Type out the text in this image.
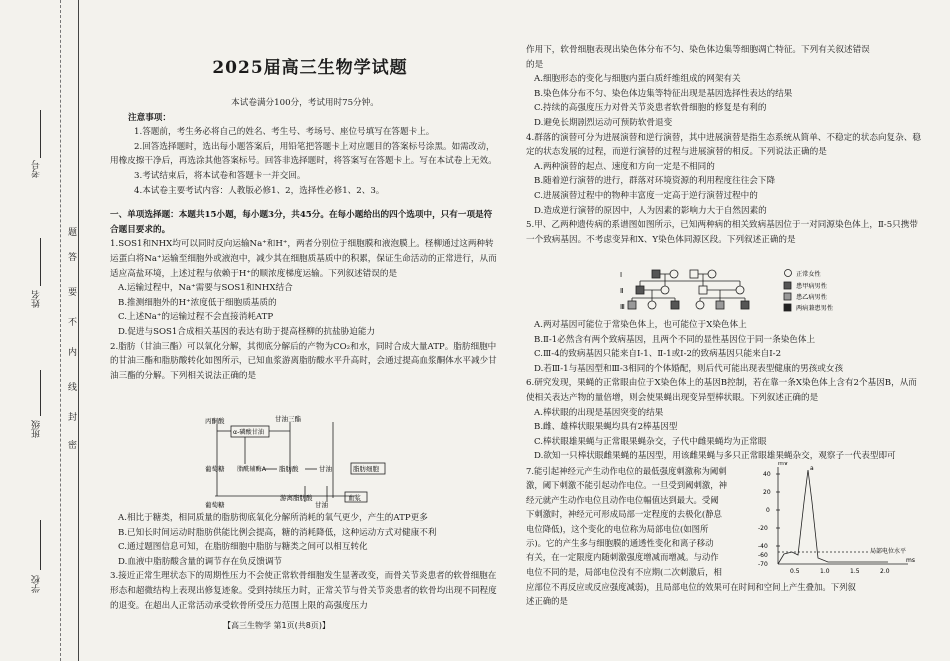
考号
姓名
班级
学校
题
答
要
不
内
线
封
密
2025届高三生物学试题

本试卷满分100分，考试用时75分钟。

注意事项：

1.答题前，考生务必将自己的姓名、考生号、考场号、座位号填写在答题卡上。

2.回答选择题时，选出每小题答案后，用铅笔把答题卡上对应题目的答案标号涂黑。如需改动，用橡皮擦干净后，再选涂其他答案标号。回答非选择题时，将答案写在答题卡上。写在本试卷上无效。

3.考试结束后，将本试卷和答题卡一并交回。

4.本试卷主要考试内容：人教版必修1、2，选择性必修1、2、3。

一、单项选择题：本题共15小题，每小题3分，共45分。在每小题给出的四个选项中，只有一项是符合题目要求的。

1.SOS1和NHX均可以同时反向运输Na⁺和H⁺，两者分别位于细胞膜和液泡膜上。柽柳通过这两种转运蛋白将Na⁺运输至细胞外或液泡中，减少其在细胞质基质中的积累，保证生命活动的正常进行，从而适应高盐环境，上述过程与依赖于H⁺的顺浓度梯度运输。下列叙述错误的是

A.运输过程中，Na⁺需要与SOS1和NHX结合

B.推测细胞外的H⁺浓度低于细胞质基质的

C.上述Na⁺的运输过程不会直接消耗ATP

D.促进与SOS1合成相关基因的表达有助于提高柽柳的抗盐胁迫能力

2.脂肪（甘油三酯）可以氧化分解，其彻底分解后的产物为CO₂和水，同时合成大量ATP。脂肪细胞中的甘油三酯和脂肪酸转化如图所示，已知血浆游离脂肪酸水平升高时，会通过提高血浆酮体水平减少甘油三酯的分解。下列相关说法正确的是

丙酮酸
α-磷酸甘油
甘油三酯
葡萄糖 脂酰辅酶A 脂肪酸	甘油	脂肪细胞
游离脂肪酸
甘油
血浆
葡萄糖

A.相比于糖类，相同质量的脂肪彻底氧化分解所消耗的氧气更少，产生的ATP更多

B.已知长时间运动时脂肪供能比例会提高，糖的消耗降低，这种运动方式对健康不利

C.通过题图信息可知，在脂肪细胞中脂肪与糖类之间可以相互转化

D.血液中脂肪酸含量的调节存在负反馈调节

3.接近正常生理状态下的周期性压力不会使正常软骨细胞发生显著改变，而骨关节炎患者的软骨细胞在形态和超微结构上表现出修复迹象。受到持续压力时，正常关节与骨关节炎患者的软骨均出现不同程度的退变。在超出人正常活动承受软骨所受压力范围上限的高强度压力

【高三生物学 第1页(共8页)】

作用下，软骨细胞表现出染色体分布不匀、染色体边集等细胞凋亡特征。下列有关叙述错误

的是

A.细胞形态的变化与细胞内蛋白质纤维组成的网架有关

B.染色体分布不匀、染色体边集等特征出现是基因选择性表达的结果

C.持续的高强度压力对骨关节炎患者软骨细胞的修复是有利的

D.避免长期剧烈运动可预防软骨退变

4.群落的演替可分为进展演替和逆行演替，其中进展演替是指生态系统从简单、不稳定的状态向复杂、稳定的状态发展的过程，而逆行演替的过程与进展演替的相反。下列说法正确的是

A.两种演替的起点、速度和方向一定是不相同的

B.随着逆行演替的进行，群落对环境资源的利用程度往往会下降

C.进展演替过程中的物种丰富度一定高于逆行演替过程中的

D.造成逆行演替的原因中，人为因素的影响力大于自然因素的

5.甲、乙两种遗传病的系谱图如图所示，已知两种病的相关致病基因位于一对同源染色体上，Ⅱ-5只携带一个致病基因。不考虑变异和X、Y染色体同源区段。下列叙述正确的是

Ⅰ
Ⅱ
Ⅲ
正常女性
患甲病男性
患乙病男性
两病兼患男性

A.两对基因可能位于常染色体上，也可能位于X染色体上

B.Ⅱ-1必然含有两个致病基因，且两个不同的显性基因位于同一条染色体上

C.Ⅲ-4的致病基因只能来自Ⅰ-1、Ⅱ-1或Ⅰ-2的致病基因只能来自Ⅰ-2

D.若Ⅲ-1与基因型和Ⅲ-3相同的个体婚配，则后代可能出现表型健康的男孩或女孩

6.研究发现，果蝇的正常眼由位于X染色体上的基因B控制，若在靠一条X染色体上含有2个基因B，从而使相关表达产物的量倍增，则会使果蝇出现变异型棒状眼。下列叙述正确的是

A.棒状眼的出现是基因突变的结果

B.雌、雄棒状眼果蝇均具有2棒基因型

C.棒状眼雄果蝇与正常眼果蝇杂交，子代中雌果蝇均为正常眼

D.欲知一只棒状眼雌果蝇的基因型，用该雌果蝇与多只正常眼雄果蝇杂交，观察子一代表型即可

7.能引起神经元产生动作电位的最低强度刺激称为阈刺

激，阈下刺激不能引起动作电位。一旦受到阈刺激，神

经元就产生动作电位且动作电位幅值达到最大。受阈

下刺激时，神经元可形成局部一定程度的去极化(静息

电位降低)，这个变化的电位称为局部电位(如图所

示)。它的产生多与细胞膜的通透性变化和离子移动

有关，在一定限度内随刺激强度增减而增减。与动作

电位不同的是，局部电位没有不应期(二次刺激后，相

应部位不再反应或反应强度减弱)，且局部电位的效果可在时间和空间上产生叠加。下列叙

述正确的是

mV
ms
40
20
0
-20
-40
-60
-70
0.5	1.0	1.5	2.0
局部电位水平
a
